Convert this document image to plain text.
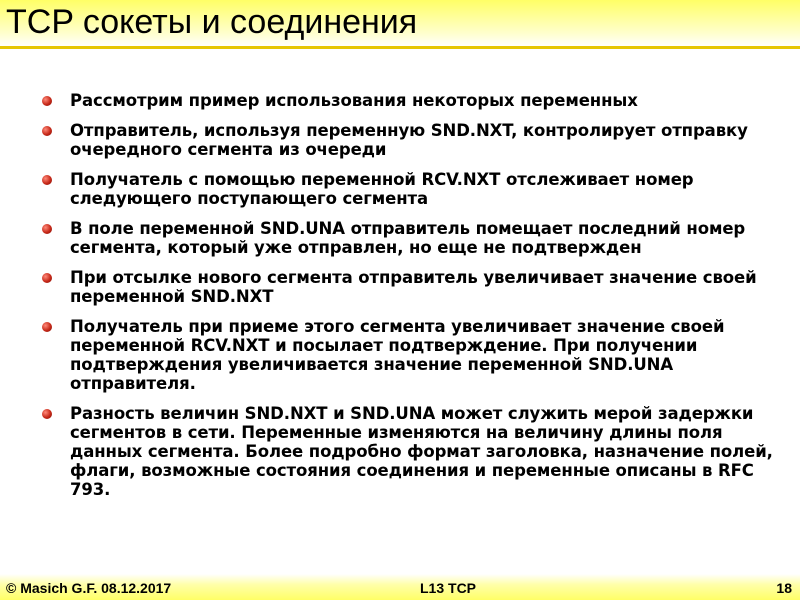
TCP сокеты и соединения
Рассмотрим пример использования некоторых переменных
Отправитель, используя переменную SND.NXT, контролирует отправку очередного сегмента из очереди
Получатель с помощью переменной RCV.NXT отслеживает номер следующего поступающего сегмента
В поле переменной SND.UNA отправитель помещает последний номер сегмента, который уже отправлен, но еще не подтвержден
При отсылке нового сегмента отправитель увеличивает значение своей переменной SND.NXT
Получатель при приеме этого сегмента увеличивает значение своей переменной RCV.NXT и посылает подтверждение. При получении подтверждения увеличивается значение переменной SND.UNA отправителя.
Разность величин SND.NXT и SND.UNA может служить мерой задержки сегментов в сети. Переменные изменяются на величину длины поля данных сегмента. Более подробно формат заголовка, назначение полей, флаги, возможные состояния соединения и переменные описаны в RFC 793.
© Masich G.F. 08.12.2017	L13 TCP	18
